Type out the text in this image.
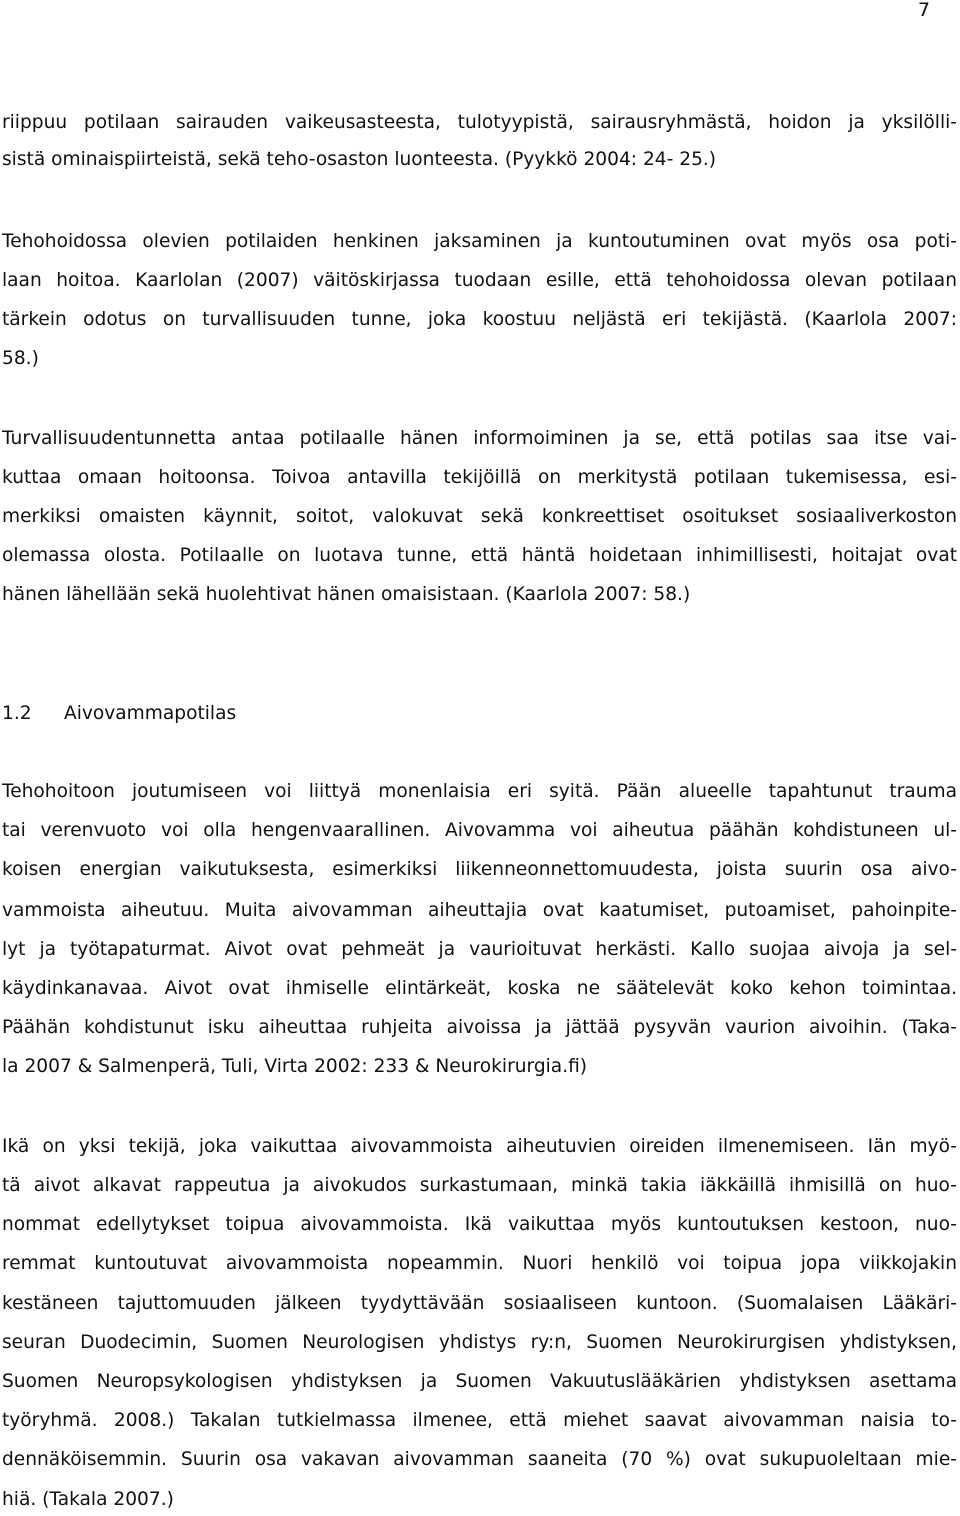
7
riippuu potilaan sairauden vaikeusasteesta, tulotyypistä, sairausryhmästä, hoidon ja yksilölli-
sistä ominaispiirteistä, sekä teho-osaston luonteesta. (Pyykkö 2004: 24- 25.)
Tehohoidossa olevien potilaiden henkinen jaksaminen ja kuntoutuminen ovat myös osa poti-
laan hoitoa. Kaarlolan (2007) väitöskirjassa tuodaan esille, että tehohoidossa olevan potilaan
tärkein odotus on turvallisuuden tunne, joka koostuu neljästä eri tekijästä. (Kaarlola 2007:
58.)
Turvallisuudentunnetta antaa potilaalle hänen informoiminen ja se, että potilas saa itse vai-
kuttaa omaan hoitoonsa. Toivoa antavilla tekijöillä on merkitystä potilaan tukemisessa, esi-
merkiksi omaisten käynnit, soitot, valokuvat sekä konkreettiset osoitukset sosiaaliverkoston
olemassa olosta. Potilaalle on luotava tunne, että häntä hoidetaan inhimillisesti, hoitajat ovat
hänen lähellään sekä huolehtivat hänen omaisistaan. (Kaarlola 2007: 58.)
1.2 Aivovammapotilas
Tehohoitoon joutumiseen voi liittyä monenlaisia eri syitä. Pään alueelle tapahtunut trauma
tai verenvuoto voi olla hengenvaarallinen. Aivovamma voi aiheutua päähän kohdistuneen ul-
koisen energian vaikutuksesta, esimerkiksi liikenneonnettomuudesta, joista suurin osa aivo-
vammoista aiheutuu. Muita aivovamman aiheuttajia ovat kaatumiset, putoamiset, pahoinpite-
lyt ja työtapaturmat. Aivot ovat pehmeät ja vaurioituvat herkästi. Kallo suojaa aivoja ja sel-
käydinkanavaa. Aivot ovat ihmiselle elintärkeät, koska ne säätelevät koko kehon toimintaa.
Päähän kohdistunut isku aiheuttaa ruhjeita aivoissa ja jättää pysyvän vaurion aivoihin. (Taka-
la 2007 & Salmenperä, Tuli, Virta 2002: 233 & Neurokirurgia.fi)
Ikä on yksi tekijä, joka vaikuttaa aivovammoista aiheutuvien oireiden ilmenemiseen. Iän myö-
tä aivot alkavat rappeutua ja aivokudos surkastumaan, minkä takia iäkkäillä ihmisillä on huo-
nommat edellytykset toipua aivovammoista. Ikä vaikuttaa myös kuntoutuksen kestoon, nuo-
remmat kuntoutuvat aivovammoista nopeammin. Nuori henkilö voi toipua jopa viikkojakin
kestäneen tajuttomuuden jälkeen tyydyttävään sosiaaliseen kuntoon. (Suomalaisen Lääkäri-
seuran Duodecimin, Suomen Neurologisen yhdistys ry:n, Suomen Neurokirurgisen yhdistyksen,
Suomen Neuropsykologisen yhdistyksen ja Suomen Vakuutuslääkärien yhdistyksen asettama
työryhmä. 2008.) Takalan tutkielmassa ilmenee, että miehet saavat aivovamman naisia to-
dennäköisemmin. Suurin osa vakavan aivovamman saaneita (70 %) ovat sukupuoleltaan mie-
hiä. (Takala 2007.)
